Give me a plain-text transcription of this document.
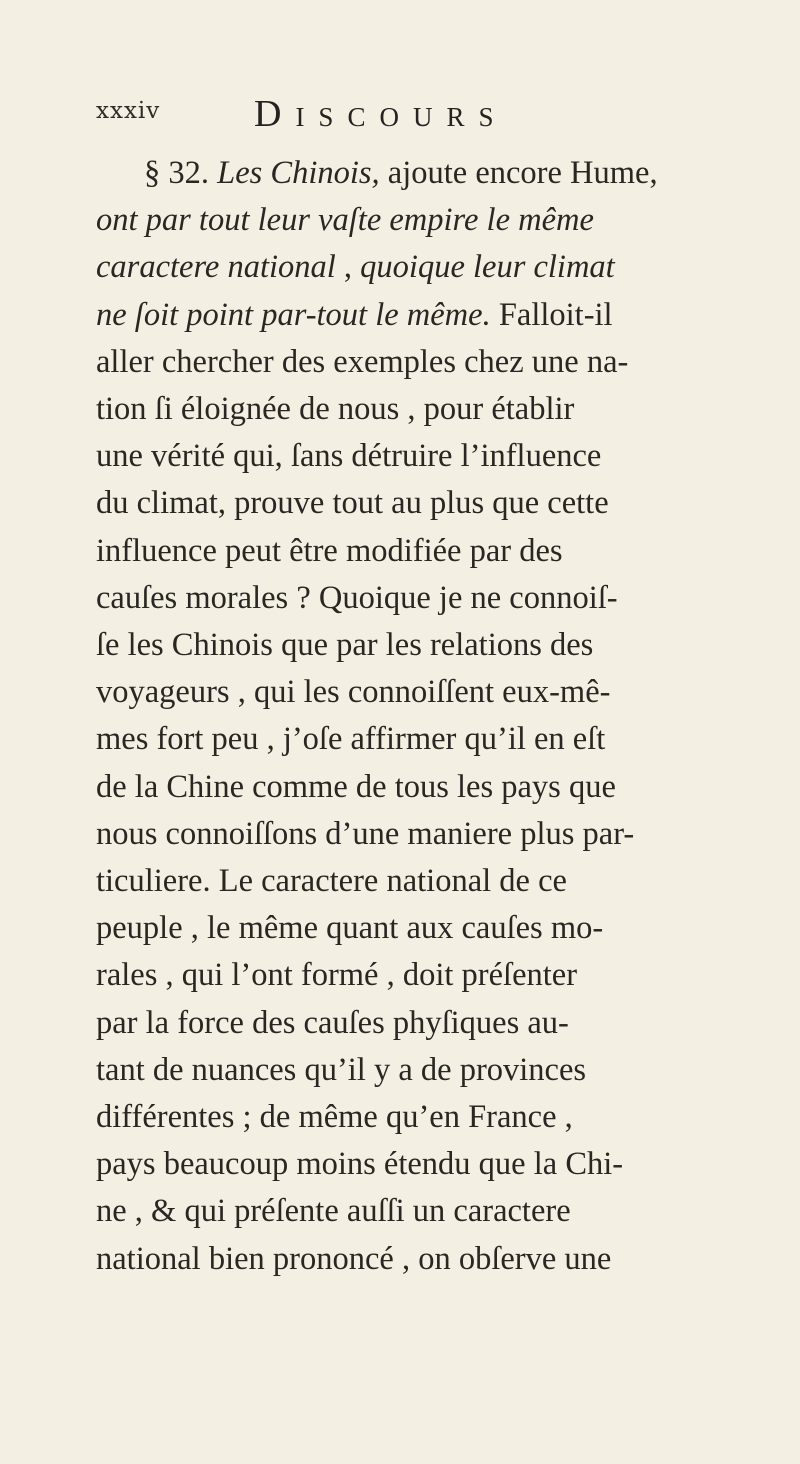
xxxiv Discours
§ 32. Les Chinois, ajoute encore Hume,
ont par tout leur vaſte empire le même
caractere national , quoique leur climat
ne ſoit point par-tout le même. Falloit-il
aller chercher des exemples chez une na-
tion ſi éloignée de nous , pour établir
une vérité qui, ſans détruire l’influence
du climat, prouve tout au plus que cette
influence peut être modifiée par des
cauſes morales ? Quoique je ne connoiſ-
ſe les Chinois que par les relations des
voyageurs , qui les connoiſſent eux-mê-
mes fort peu , j’oſe affirmer qu’il en eſt
de la Chine comme de tous les pays que
nous connoiſſons d’une maniere plus par-
ticuliere. Le caractere national de ce
peuple , le même quant aux cauſes mo-
rales , qui l’ont formé , doit préſenter
par la force des cauſes phyſiques au-
tant de nuances qu’il y a de provinces
différentes ; de même qu’en France ,
pays beaucoup moins étendu que la Chi-
ne , & qui préſente auſſi un caractere
national bien prononcé , on obſerve une
